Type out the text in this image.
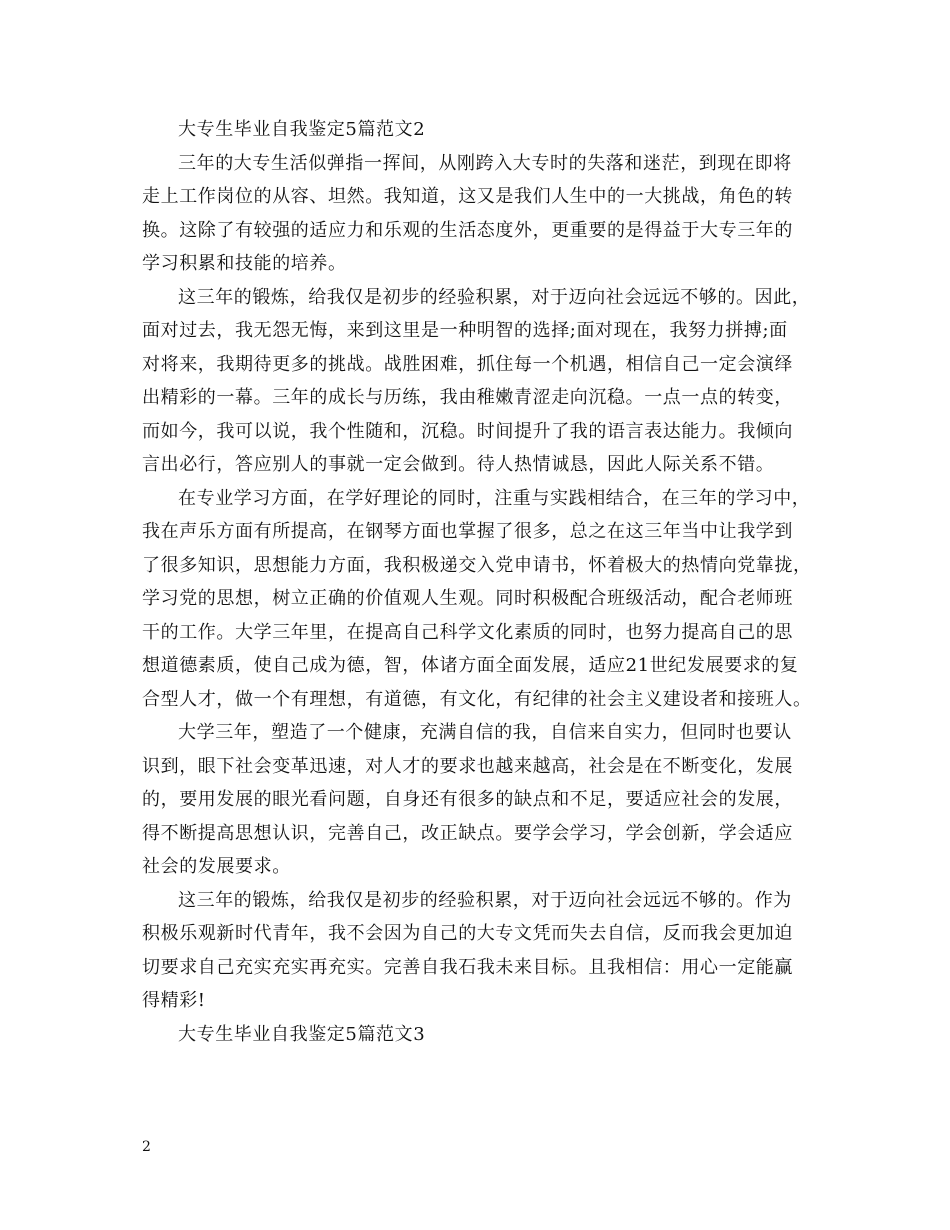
大专生毕业自我鉴定5篇范文2
三年的大专生活似弹指一挥间，从刚跨入大专时的失落和迷茫，到现在即将
走上工作岗位的从容、坦然。我知道，这又是我们人生中的一大挑战，角色的转
换。这除了有较强的适应力和乐观的生活态度外，更重要的是得益于大专三年的
学习积累和技能的培养。
这三年的锻炼，给我仅是初步的经验积累，对于迈向社会远远不够的。因此，
面对过去，我无怨无悔，来到这里是一种明智的选择;面对现在，我努力拼搏;面
对将来，我期待更多的挑战。战胜困难，抓住每一个机遇，相信自己一定会演绎
出精彩的一幕。三年的成长与历练，我由稚嫩青涩走向沉稳。一点一点的转变，
而如今，我可以说，我个性随和，沉稳。时间提升了我的语言表达能力。我倾向
言出必行，答应别人的事就一定会做到。待人热情诚恳，因此人际关系不错。
在专业学习方面，在学好理论的同时，注重与实践相结合，在三年的学习中，
我在声乐方面有所提高，在钢琴方面也掌握了很多，总之在这三年当中让我学到
了很多知识，思想能力方面，我积极递交入党申请书，怀着极大的热情向党靠拢，
学习党的思想，树立正确的价值观人生观。同时积极配合班级活动，配合老师班
干的工作。大学三年里，在提高自己科学文化素质的同时，也努力提高自己的思
想道德素质，使自己成为德，智，体诸方面全面发展，适应21世纪发展要求的复
合型人才，做一个有理想，有道德，有文化，有纪律的社会主义建设者和接班人。
大学三年，塑造了一个健康，充满自信的我，自信来自实力，但同时也要认
识到，眼下社会变革迅速，对人才的要求也越来越高，社会是在不断变化，发展
的，要用发展的眼光看问题，自身还有很多的缺点和不足，要适应社会的发展，
得不断提高思想认识，完善自己，改正缺点。要学会学习，学会创新，学会适应
社会的发展要求。
这三年的锻炼，给我仅是初步的经验积累，对于迈向社会远远不够的。作为
积极乐观新时代青年，我不会因为自己的大专文凭而失去自信，反而我会更加迫
切要求自己充实充实再充实。完善自我石我未来目标。且我相信：用心一定能赢
得精彩!
大专生毕业自我鉴定5篇范文3
2
